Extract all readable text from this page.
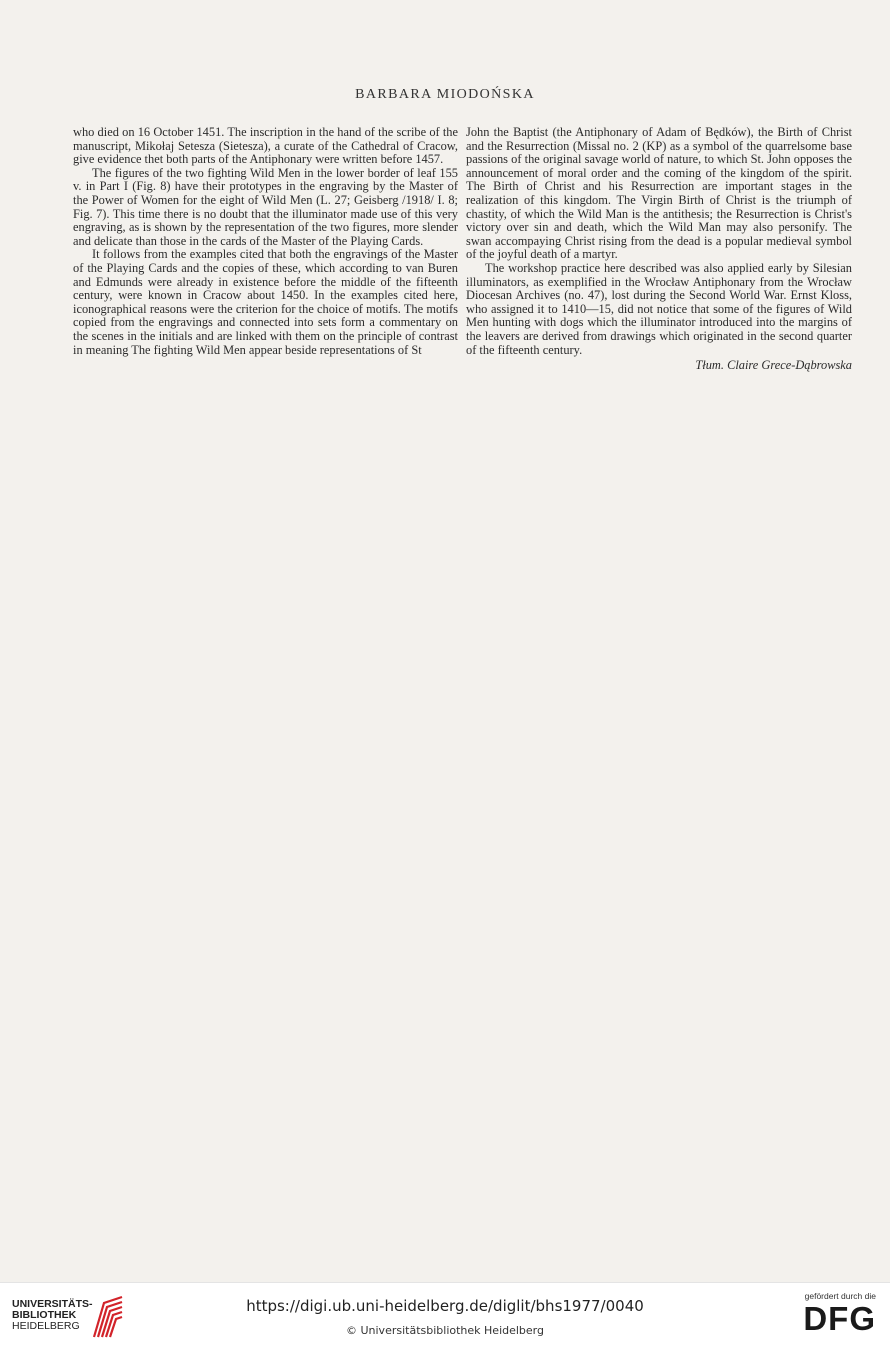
BARBARA MIODOŃSKA

who died on 16 October 1451. The inscription in the hand of the scribe of the manuscript, Mikołaj Setesza (Sietesza), a curate of the Cathedral of Cracow, give evidence thet both parts of the Antiphonary were written before 1457.

The figures of the two fighting Wild Men in the lower border of leaf 155 v. in Part I (Fig. 8) have their prototypes in the engraving by the Master of the Power of Women for the eight of Wild Men (L. 27; Geisberg /1918/ I. 8; Fig. 7). This time there is no doubt that the illuminator made use of this very engraving, as is shown by the representation of the two figures, more slender and delicate than those in the cards of the Master of the Playing Cards.

It follows from the examples cited that both the engravings of the Master of the Playing Cards and the copies of these, which according to van Buren and Edmunds were already in existence before the middle of the fifteenth century, were known in Cracow about 1450. In the examples cited here, iconographical reasons were the criterion for the choice of motifs. The motifs copied from the engravings and connected into sets form a commentary on the scenes in the initials and are linked with them on the principle of contrast in meaning The fighting Wild Men appear beside representations of St

John the Baptist (the Antiphonary of Adam of Będków), the Birth of Christ and the Resurrection (Missal no. 2 (KP) as a symbol of the quarrelsome base passions of the original savage world of nature, to which St. John opposes the announcement of moral order and the coming of the kingdom of the spirit. The Birth of Christ and his Resurrection are important stages in the realization of this kingdom. The Virgin Birth of Christ is the triumph of chastity, of which the Wild Man is the antithesis; the Resurrection is Christ's victory over sin and death, which the Wild Man may also personify. The swan accompaying Christ rising from the dead is a popular medieval symbol of the joyful death of a martyr.

The workshop practice here described was also applied early by Silesian illuminators, as exemplified in the Wrocław Antiphonary from the Wrocław Diocesan Archives (no. 47), lost during the Second World War. Ernst Kloss, who assigned it to 1410—15, did not notice that some of the figures of Wild Men hunting with dogs which the illuminator introduced into the margins of the leavers are derived from drawings which originated in the second quarter of the fifteenth century.

Tłum. Claire Grece-Dąbrowska

UNIVERSITÄTS-
BIBLIOTHEK
HEIDELBERG
https://digi.ub.uni-heidelberg.de/diglit/bhs1977/0040
© Universitätsbibliothek Heidelberg
gefördert durch die
DFG
